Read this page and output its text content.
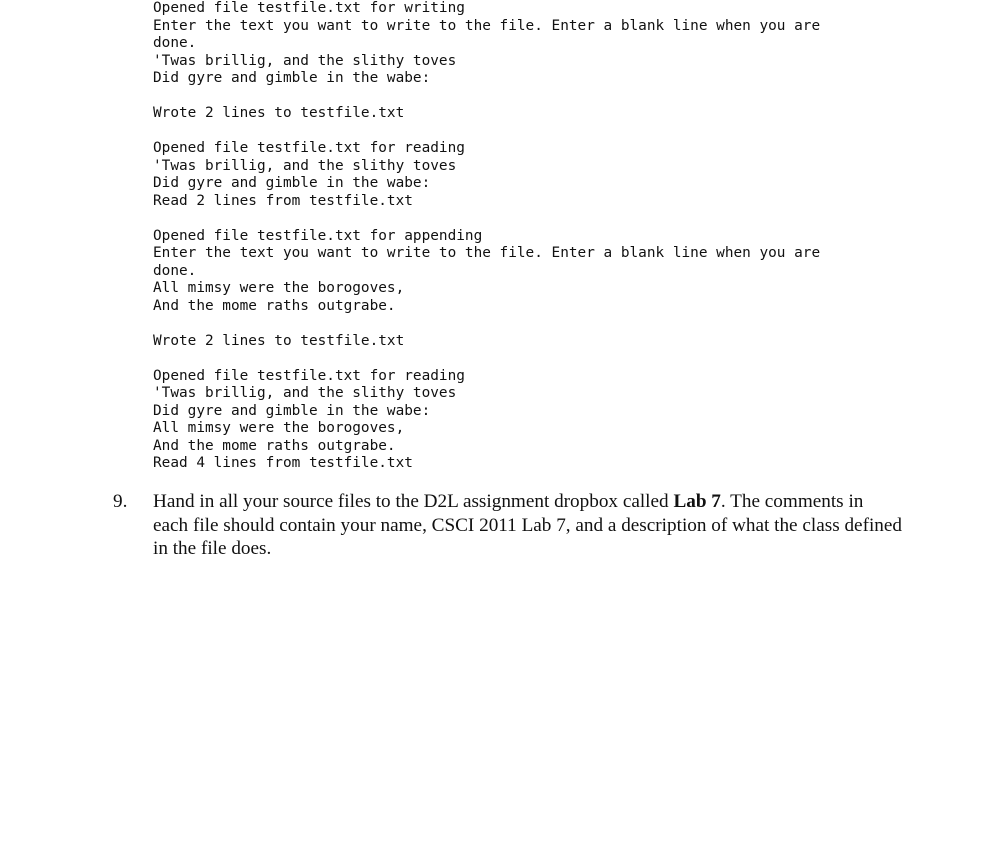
Opened file testfile.txt for writing
Enter the text you want to write to the file. Enter a blank line when you are
done.
'Twas brillig, and the slithy toves
Did gyre and gimble in the wabe:
Wrote 2 lines to testfile.txt
Opened file testfile.txt for reading
'Twas brillig, and the slithy toves
Did gyre and gimble in the wabe:
Read 2 lines from testfile.txt
Opened file testfile.txt for appending
Enter the text you want to write to the file. Enter a blank line when you are
done.
All mimsy were the borogoves,
And the mome raths outgrabe.
Wrote 2 lines to testfile.txt
Opened file testfile.txt for reading
'Twas brillig, and the slithy toves
Did gyre and gimble in the wabe:
All mimsy were the borogoves,
And the mome raths outgrabe.
Read 4 lines from testfile.txt
9. Hand in all your source files to the D2L assignment dropbox called Lab 7. The comments in each file should contain your name, CSCI 2011 Lab 7, and a description of what the class defined in the file does.
